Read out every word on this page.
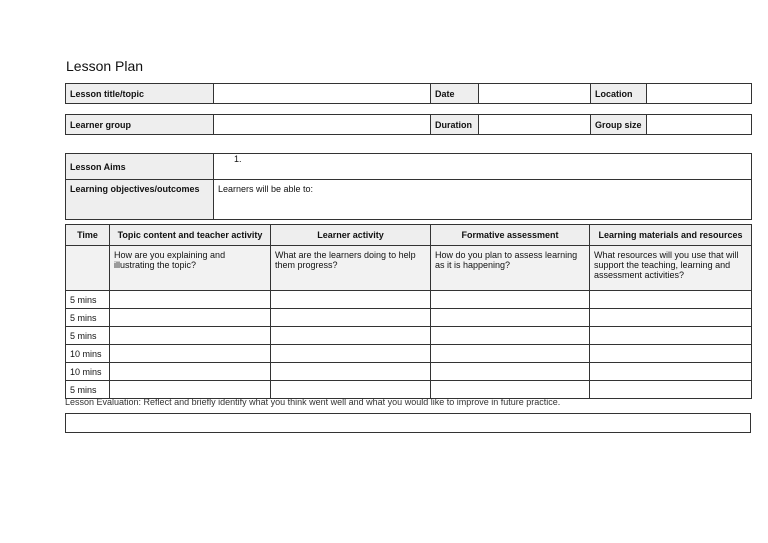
Lesson Plan
Lesson title/topic		Date		Location	
Learner group		Duration		Group size	
Lesson Aims	1.
Learning objectives/outcomes	Learners will be able to:
Time	Topic content and teacher activity	Learner activity	Formative assessment	Learning materials and resources
	How are you explaining and illustrating the topic?	What are the learners doing to help them progress?	How do you plan to assess learning as it is happening?	What resources will you use that will support the teaching, learning and assessment activities?
5 mins				
5 mins				
5 mins				
10 mins				
10 mins				
5 mins				
Lesson Evaluation: Reflect and briefly identify what you think went well and what you would like to improve in future practice.
